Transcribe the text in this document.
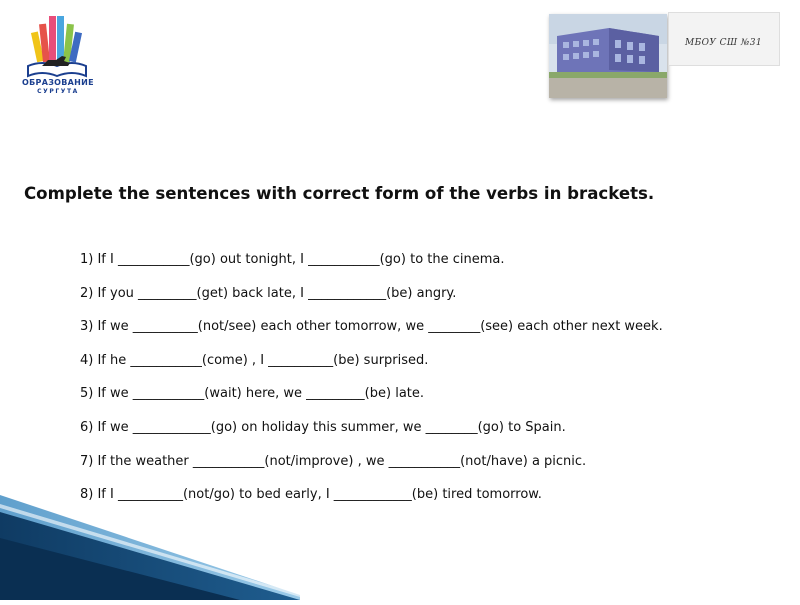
ОБРАЗОВАНИЕ
СУРГУТА
МБОУ СШ №31
Complete the sentences with correct form of the verbs in brackets.
1) If I ___________(go) out tonight, I ___________(go) to the cinema.
2) If you _________(get) back late, I ____________(be) angry.
3) If we __________(not/see) each other tomorrow, we ________(see) each other next week.
4) If he ___________(come) , I __________(be) surprised.
5) If we ___________(wait) here, we _________(be) late.
6) If we ____________(go) on holiday this summer, we ________(go) to Spain.
7) If the weather ___________(not/improve) , we ___________(not/have) a picnic.
8) If I __________(not/go) to bed early, I ____________(be) tired tomorrow.
